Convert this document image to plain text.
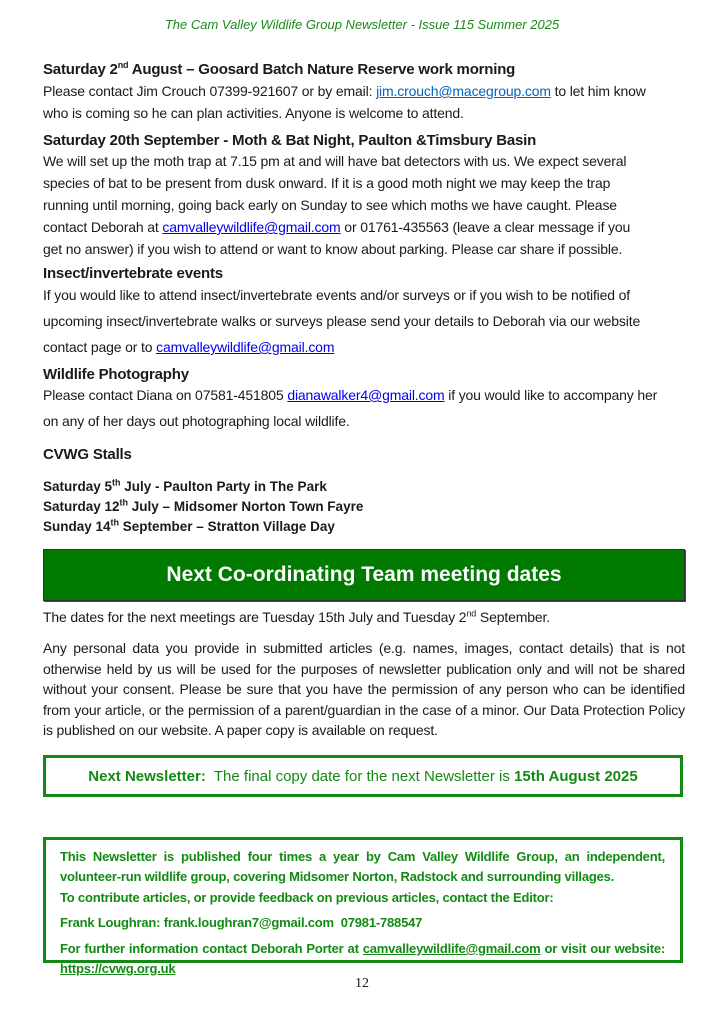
The Cam Valley Wildlife Group Newsletter - Issue 115 Summer 2025
Saturday 2nd August – Goosard Batch Nature Reserve work morning
Please contact Jim Crouch 07399-921607 or by email: jim.crouch@macegroup.com to let him know
who is coming so he can plan activities. Anyone is welcome to attend.
Saturday 20th September - Moth & Bat Night, Paulton &Timsbury Basin
We will set up the moth trap at 7.15 pm at and will have bat detectors with us. We expect several
species of bat to be present from dusk onward. If it is a good moth night we may keep the trap
running until morning, going back early on Sunday to see which moths we have caught. Please
contact Deborah at camvalleywildlife@gmail.com or 01761-435563 (leave a clear message if you
get no answer) if you wish to attend or want to know about parking. Please car share if possible.
Insect/invertebrate events
If you would like to attend insect/invertebrate events and/or surveys or if you wish to be notified of
upcoming insect/invertebrate walks or surveys please send your details to Deborah via our website
contact page or to camvalleywildlife@gmail.com
Wildlife Photography
Please contact Diana on 07581-451805 dianawalker4@gmail.com if you would like to accompany her
on any of her days out photographing local wildlife.
CVWG Stalls
Saturday 5th July - Paulton Party in The Park
Saturday 12th July – Midsomer Norton Town Fayre
Sunday 14th September – Stratton Village Day
Next Co-ordinating Team meeting dates
The dates for the next meetings are Tuesday 15th July and Tuesday 2nd September.
Any personal data you provide in submitted articles (e.g. names, images, contact details) that is not otherwise held by us will be used for the purposes of newsletter publication only and will not be shared without your consent. Please be sure that you have the permission of any person who can be identified from your article, or the permission of a parent/guardian in the case of a minor. Our Data Protection Policy is published on our website. A paper copy is available on request.
Next Newsletter:  The final copy date for the next Newsletter is 15th August 2025
This Newsletter is published four times a year by Cam Valley Wildlife Group, an independent, volunteer-run wildlife group, covering Midsomer Norton, Radstock and surrounding villages.
To contribute articles, or provide feedback on previous articles, contact the Editor:
Frank Loughran: frank.loughran7@gmail.com  07981-788547
For further information contact Deborah Porter at camvalleywildlife@gmail.com or visit our website: https://cvwg.org.uk
12
